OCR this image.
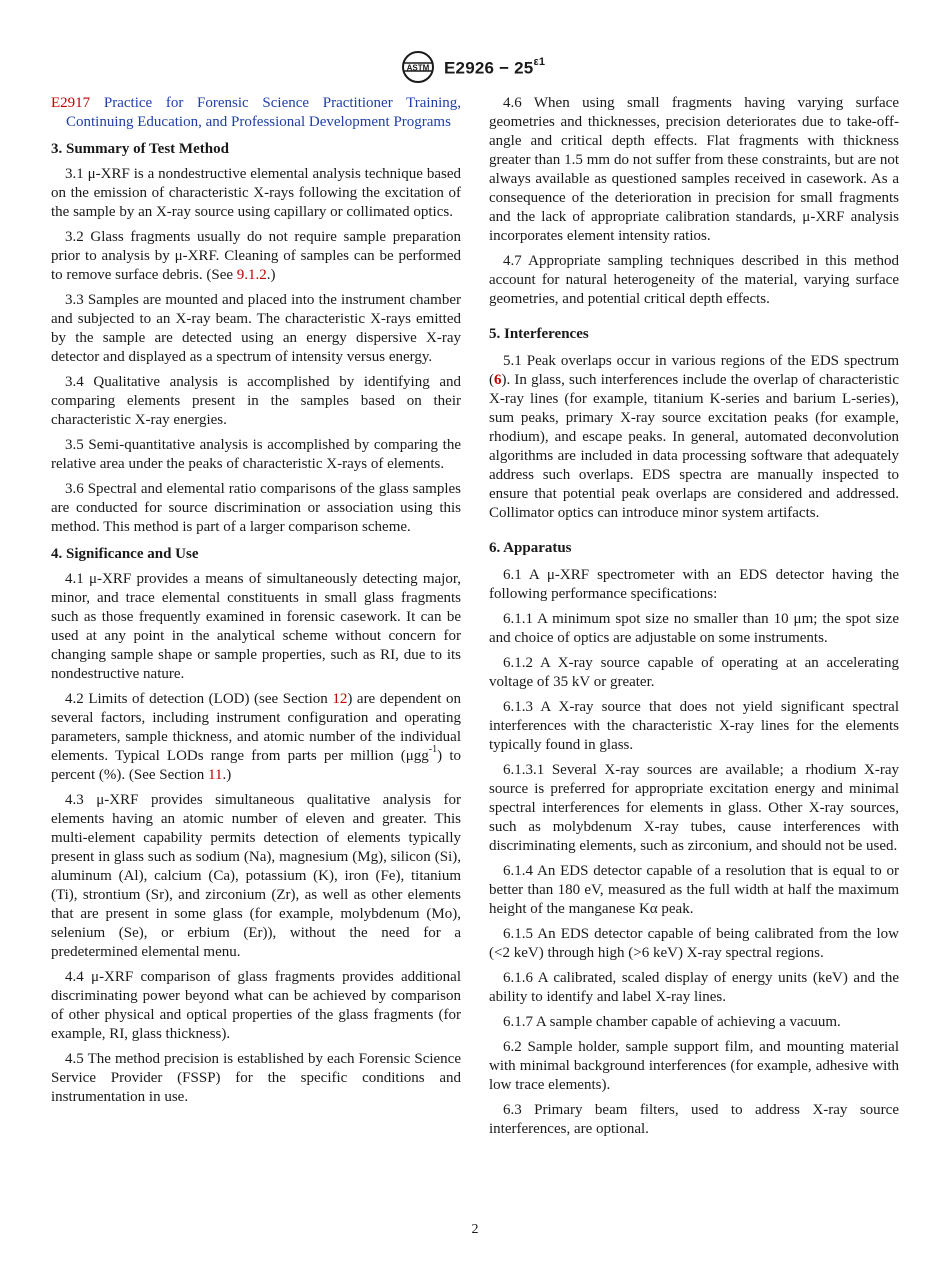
ASTM $E2926 - 25^{\varepsilon 1}$

E2917 Practice for Forensic Science Practitioner Training, Continuing Education, and Professional Development Programs

3. Summary of Test Method

3.1 μ-XRF is a nondestructive elemental analysis technique based on the emission of characteristic X-rays following the excitation of the sample by an X-ray source using capillary or collimated optics.

3.2 Glass fragments usually do not require sample preparation prior to analysis by μ-XRF. Cleaning of samples can be performed to remove surface debris. (See 9.1.2.)

3.3 Samples are mounted and placed into the instrument chamber and subjected to an X-ray beam. The characteristic X-rays emitted by the sample are detected using an energy dispersive X-ray detector and displayed as a spectrum of intensity versus energy.

3.4 Qualitative analysis is accomplished by identifying and comparing elements present in the samples based on their characteristic X-ray energies.

3.5 Semi-quantitative analysis is accomplished by comparing the relative area under the peaks of characteristic X-rays of elements.

3.6 Spectral and elemental ratio comparisons of the glass samples are conducted for source discrimination or association using this method. This method is part of a larger comparison scheme.

4. Significance and Use

4.1 μ-XRF provides a means of simultaneously detecting major, minor, and trace elemental constituents in small glass fragments such as those frequently examined in forensic casework. It can be used at any point in the analytical scheme without concern for changing sample shape or sample properties, such as RI, due to its nondestructive nature.

4.2 Limits of detection (LOD) (see Section 12) are dependent on several factors, including instrument configuration and operating parameters, sample thickness, and atomic number of the individual elements. Typical LODs range from parts per million (μgg$^{-1}$) to percent (%). (See Section 11.)

4.3 μ-XRF provides simultaneous qualitative analysis for elements having an atomic number of eleven and greater. This multi-element capability permits detection of elements typically present in glass such as sodium (Na), magnesium (Mg), silicon (Si), aluminum (Al), calcium (Ca), potassium (K), iron (Fe), titanium (Ti), strontium (Sr), and zirconium (Zr), as well as other elements that are present in some glass (for example, molybdenum (Mo), selenium (Se), or erbium (Er)), without the need for a predetermined elemental menu.

4.4 μ-XRF comparison of glass fragments provides additional discriminating power beyond what can be achieved by comparison of other physical and optical properties of the glass fragments (for example, RI, glass thickness).

4.5 The method precision is established by each Forensic Science Service Provider (FSSP) for the specific conditions and instrumentation in use.

4.6 When using small fragments having varying surface geometries and thicknesses, precision deteriorates due to take-off-angle and critical depth effects. Flat fragments with thickness greater than 1.5 mm do not suffer from these constraints, but are not always available as questioned samples received in casework. As a consequence of the deterioration in precision for small fragments and the lack of appropriate calibration standards, μ-XRF analysis incorporates element intensity ratios.

4.7 Appropriate sampling techniques described in this method account for natural heterogeneity of the material, varying surface geometries, and potential critical depth effects.

5. Interferences

5.1 Peak overlaps occur in various regions of the EDS spectrum (6). In glass, such interferences include the overlap of characteristic X-ray lines (for example, titanium K-series and barium L-series), sum peaks, primary X-ray source excitation peaks (for example, rhodium), and escape peaks. In general, automated deconvolution algorithms are included in data processing software that adequately address such overlaps. EDS spectra are manually inspected to ensure that potential peak overlaps are considered and addressed. Collimator optics can introduce minor system artifacts.

6. Apparatus

6.1 A μ-XRF spectrometer with an EDS detector having the following performance specifications:

6.1.1 A minimum spot size no smaller than 10 μm; the spot size and choice of optics are adjustable on some instruments.

6.1.2 A X-ray source capable of operating at an accelerating voltage of 35 kV or greater.

6.1.3 A X-ray source that does not yield significant spectral interferences with the characteristic X-ray lines for the elements typically found in glass.

6.1.3.1 Several X-ray sources are available; a rhodium X-ray source is preferred for appropriate excitation energy and minimal spectral interferences for elements in glass. Other X-ray sources, such as molybdenum X-ray tubes, cause interferences with discriminating elements, such as zirconium, and should not be used.

6.1.4 An EDS detector capable of a resolution that is equal to or better than 180 eV, measured as the full width at half the maximum height of the manganese Kα peak.

6.1.5 An EDS detector capable of being calibrated from the low (<2 keV) through high (>6 keV) X-ray spectral regions.

6.1.6 A calibrated, scaled display of energy units (keV) and the ability to identify and label X-ray lines.

6.1.7 A sample chamber capable of achieving a vacuum.

6.2 Sample holder, sample support film, and mounting material with minimal background interferences (for example, adhesive with low trace elements).

6.3 Primary beam filters, used to address X-ray source interferences, are optional.

2
